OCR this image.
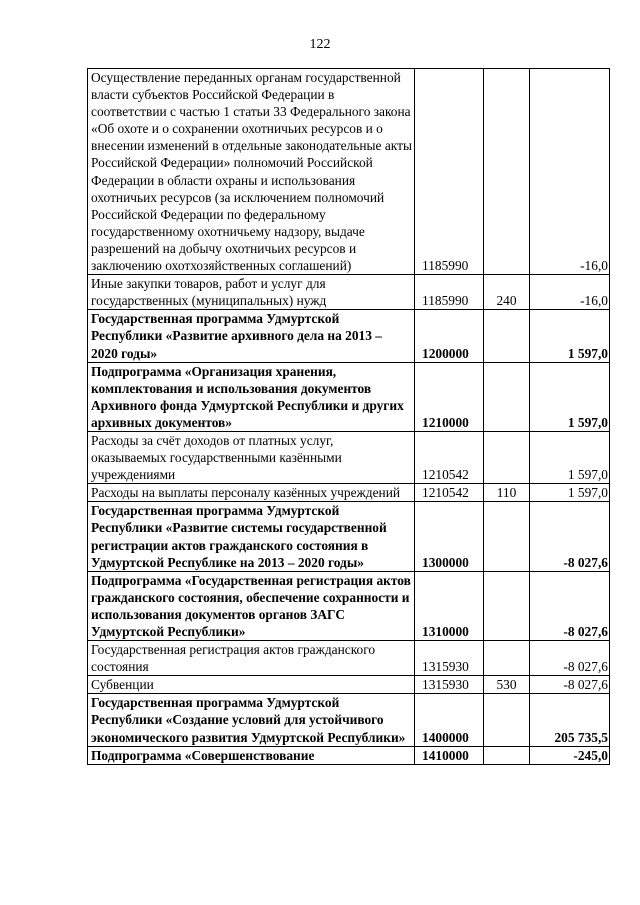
122
Осуществление переданных органам государственной власти субъектов Российской Федерации в соответствии с частью 1 статьи 33 Федерального закона «Об охоте и о сохранении охотничьих ресурсов и о внесении изменений в отдельные законодательные акты Российской Федерации» полномочий Российской Федерации в области охраны и использования охотничьих ресурсов (за исключением полномочий Российской Федерации по федеральному государственному охотничьему надзору, выдаче разрешений на добычу охотничьих ресурсов и заключению охотхозяйственных соглашений)	1185990		-16,0
Иные закупки товаров, работ и услуг для государственных (муниципальных) нужд	1185990	240	-16,0
Государственная программа Удмуртской Республики «Развитие архивного дела на 2013 – 2020 годы»	1200000		1 597,0
Подпрограмма «Организация хранения, комплектования и использования документов Архивного фонда Удмуртской Республики и других архивных документов»	1210000		1 597,0
Расходы за счёт доходов от платных услуг, оказываемых государственными казёнными учреждениями	1210542		1 597,0
Расходы на выплаты персоналу казённых учреждений	1210542	110	1 597,0
Государственная программа Удмуртской Республики «Развитие системы государственной регистрации актов гражданского состояния в Удмуртской Республике на 2013 – 2020 годы»	1300000		-8 027,6
Подпрограмма «Государственная регистрация актов гражданского состояния, обеспечение сохранности и использования документов органов ЗАГС Удмуртской Республики»	1310000		-8 027,6
Государственная регистрация актов гражданского состояния	1315930		-8 027,6
Субвенции	1315930	530	-8 027,6
Государственная программа Удмуртской Республики «Создание условий для устойчивого экономического развития Удмуртской Республики»	1400000		205 735,5
Подпрограмма «Совершенствование	1410000		-245,0
